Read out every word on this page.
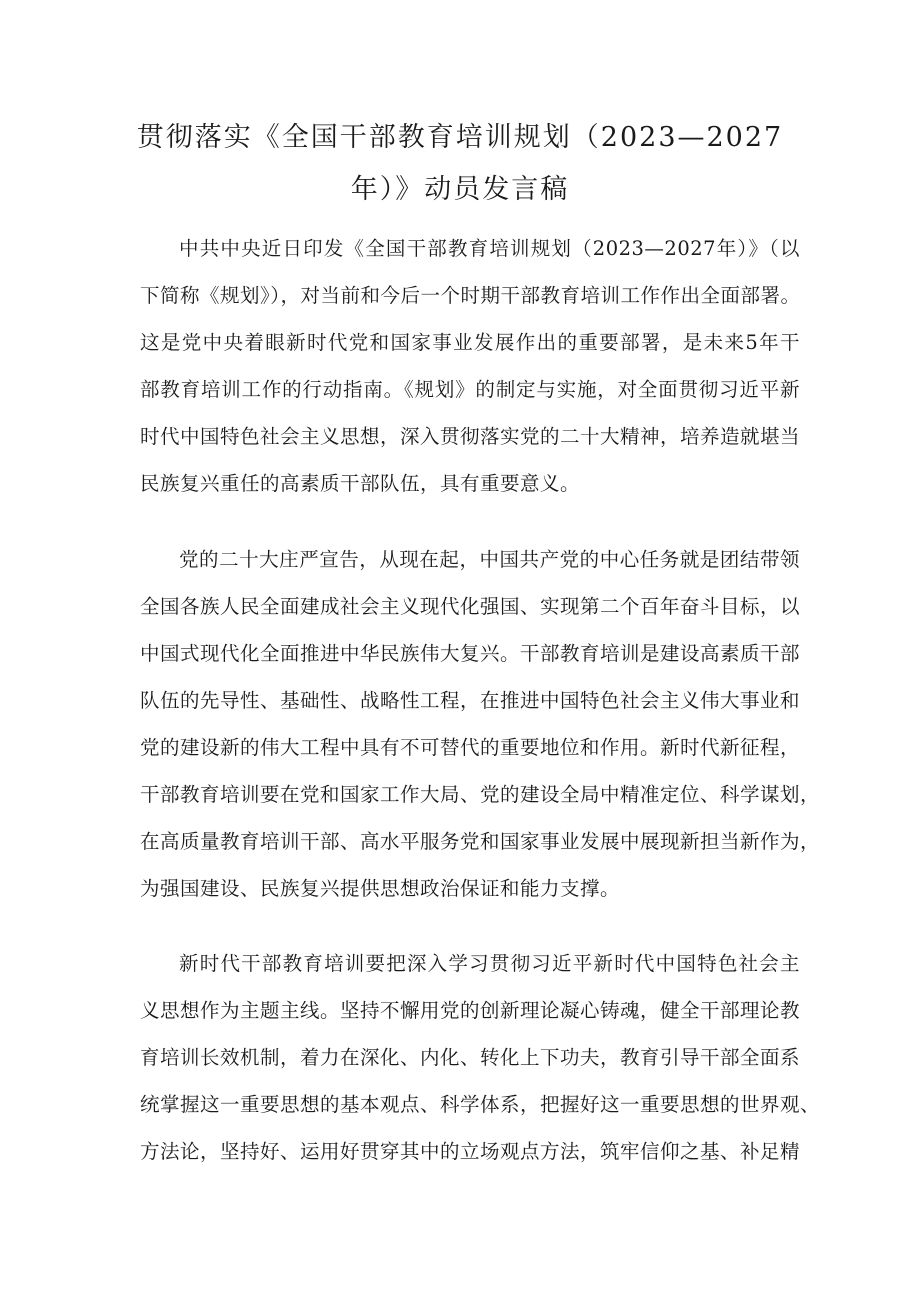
贯彻落实《全国干部教育培训规划（2023—2027
年）》动员发言稿
中共中央近日印发《全国干部教育培训规划（2023—2027年）》（以
下简称《规划》），对当前和今后一个时期干部教育培训工作作出全面部署。
这是党中央着眼新时代党和国家事业发展作出的重要部署，是未来5年干
部教育培训工作的行动指南。《规划》的制定与实施，对全面贯彻习近平新
时代中国特色社会主义思想，深入贯彻落实党的二十大精神，培养造就堪当
民族复兴重任的高素质干部队伍，具有重要意义。
党的二十大庄严宣告，从现在起，中国共产党的中心任务就是团结带领
全国各族人民全面建成社会主义现代化强国、实现第二个百年奋斗目标，以
中国式现代化全面推进中华民族伟大复兴。干部教育培训是建设高素质干部
队伍的先导性、基础性、战略性工程，在推进中国特色社会主义伟大事业和
党的建设新的伟大工程中具有不可替代的重要地位和作用。新时代新征程，
干部教育培训要在党和国家工作大局、党的建设全局中精准定位、科学谋划，
在高质量教育培训干部、高水平服务党和国家事业发展中展现新担当新作为，
为强国建设、民族复兴提供思想政治保证和能力支撑。
新时代干部教育培训要把深入学习贯彻习近平新时代中国特色社会主
义思想作为主题主线。坚持不懈用党的创新理论凝心铸魂，健全干部理论教
育培训长效机制，着力在深化、内化、转化上下功夫，教育引导干部全面系
统掌握这一重要思想的基本观点、科学体系，把握好这一重要思想的世界观、
方法论，坚持好、运用好贯穿其中的立场观点方法，筑牢信仰之基、补足精
